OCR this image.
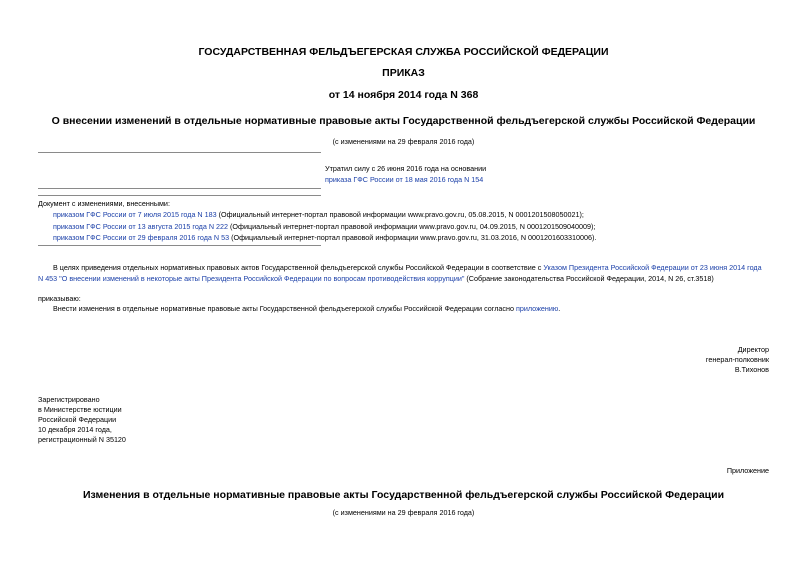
ГОСУДАРСТВЕННАЯ ФЕЛЬДЪЕГЕРСКАЯ СЛУЖБА РОССИЙСКОЙ ФЕДЕРАЦИИ
ПРИКАЗ
от 14 ноября 2014 года N 368
О внесении изменений в отдельные нормативные правовые акты Государственной фельдъегерской службы Российской Федерации
(с изменениями на 29 февраля 2016 года)
Утратил силу с 26 июня 2016 года на основании
приказа ГФС России от 18 мая 2016 года N 154
Документ с изменениями, внесенными:
приказом ГФС России от 7 июля 2015 года N 183 (Официальный интернет-портал правовой информации www.pravo.gov.ru, 05.08.2015, N 0001201508050021);
приказом ГФС России от 13 августа 2015 года N 222 (Официальный интернет-портал правовой информации www.pravo.gov.ru, 04.09.2015, N 0001201509040009);
приказом ГФС России от 29 февраля 2016 года N 53 (Официальный интернет-портал правовой информации www.pravo.gov.ru, 31.03.2016, N 0001201603310006).
В целях приведения отдельных нормативных правовых актов Государственной фельдъегерской службы Российской Федерации в соответствие с Указом Президента Российской Федерации от 23 июня 2014 года
N 453 "О внесении изменений в некоторые акты Президента Российской Федерации по вопросам противодействия коррупции" (Собрание законодательства Российской Федерации, 2014, N 26, ст.3518)
приказываю:
Внести изменения в отдельные нормативные правовые акты Государственной фельдъегерской службы Российской Федерации согласно приложению.
Директор
генерал-полковник
В.Тихонов
Зарегистрировано
в Министерстве юстиции
Российской Федерации
10 декабря 2014 года,
регистрационный N 35120
Приложение
Изменения в отдельные нормативные правовые акты Государственной фельдъегерской службы Российской Федерации
(с изменениями на 29 февраля 2016 года)
